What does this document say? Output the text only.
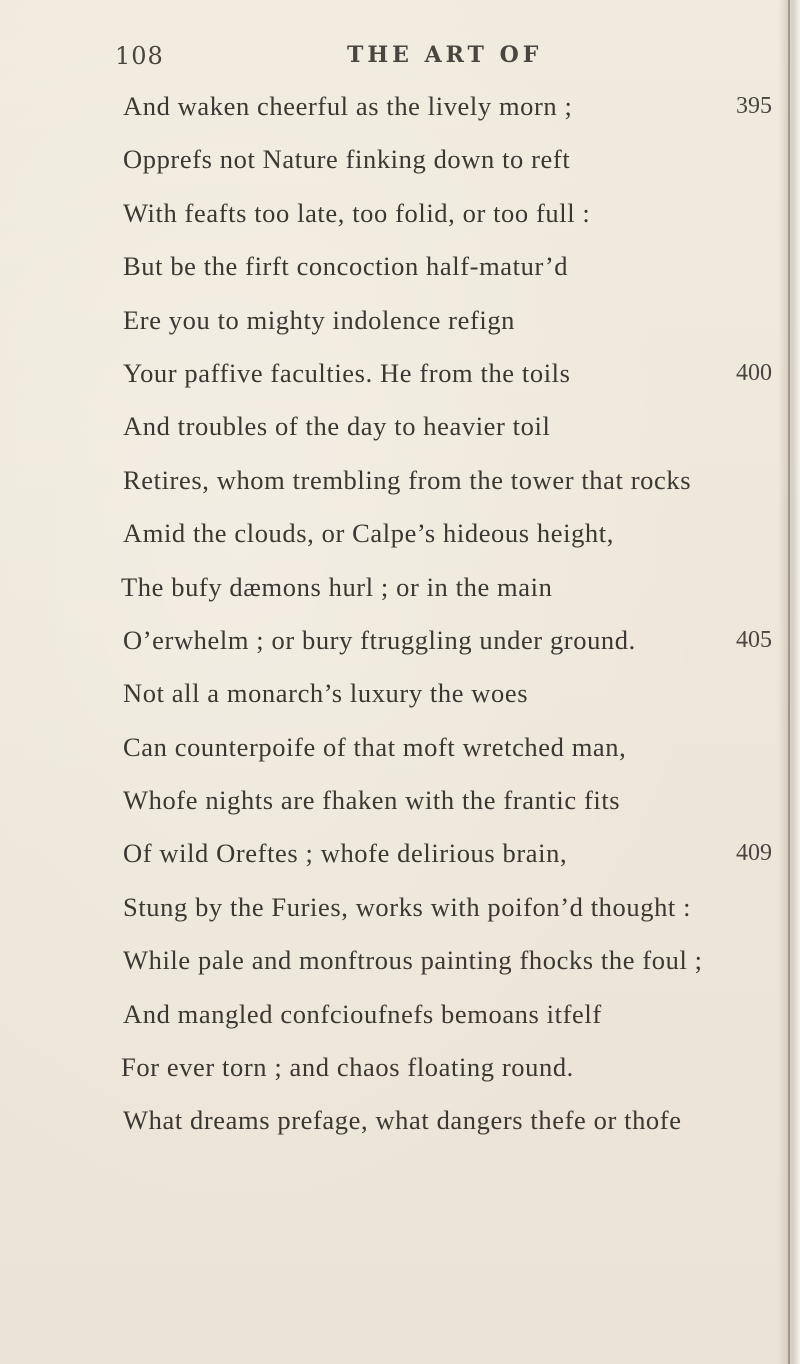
108	THE ART OF
And waken cheerful as the lively morn ;	395
Opprefs not Nature finking down to reft
With feafts too late, too folid, or too full :
But be the firft concoction half-matur’d
Ere you to mighty indolence refign
Your paffive faculties. He from the toils	400
And troubles of the day to heavier toil
Retires, whom trembling from the tower that rocks
Amid the clouds, or Calpe’s hideous height,
The bufy dæmons hurl ; or in the main
O’erwhelm ; or bury ftruggling under ground.	405
Not all a monarch’s luxury the woes
Can counterpoife of that moft wretched man,
Whofe nights are fhaken with the frantic fits
Of wild Oreftes ; whofe delirious brain,	409
Stung by the Furies, works with poifon’d thought :
While pale and monftrous painting fhocks the foul ;
And mangled confcioufnefs bemoans itfelf
For ever torn ; and chaos floating round.
What dreams prefage, what dangers thefe or thofe
